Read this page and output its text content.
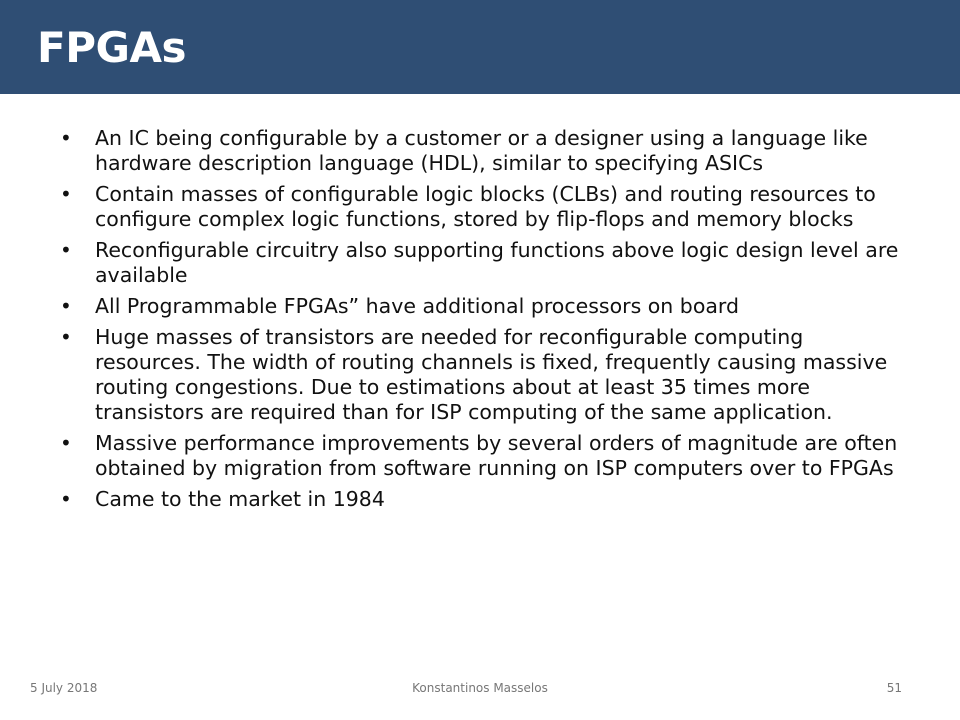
FPGAs
• An IC being configurable by a customer or a designer using a language like hardware description language (HDL), similar to specifying ASICs
• Contain masses of configurable logic blocks (CLBs) and routing resources to configure complex logic functions, stored by flip-flops and memory blocks
• Reconfigurable circuitry also supporting functions above logic design level are available
• All Programmable FPGAs” have additional processors on board
• Huge masses of transistors are needed for reconfigurable computing resources. The width of routing channels is fixed, frequently causing massive routing congestions. Due to estimations about at least 35 times more transistors are required than for ISP computing of the same application.
• Massive performance improvements by several orders of magnitude are often obtained by migration from software running on ISP computers over to FPGAs
• Came to the market in 1984
5 July 2018	Konstantinos Masselos	51
